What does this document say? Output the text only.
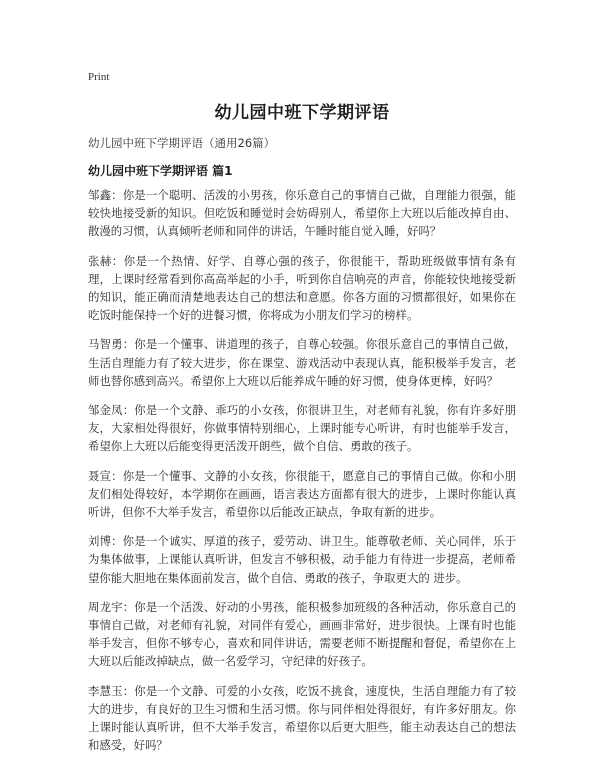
Print
幼儿园中班下学期评语
幼儿园中班下学期评语（通用26篇）
幼儿园中班下学期评语 篇1

邹鑫：你是一个聪明、活泼的小男孩，你乐意自己的事情自己做，自理能力很强，能较快地接受新的知识。但吃饭和睡觉时会妨碍别人，希望你上大班以后能改掉自由、散漫的习惯，认真倾听老师和同伴的讲话，午睡时能自觉入睡，好吗？

张赫：你是一个热情、好学、自尊心强的孩子，你很能干，帮助班级做事情有条有理，上课时经常看到你高高举起的小手，听到你自信响亮的声音，你能较快地接受新的知识，能正确而清楚地表达自己的想法和意愿。你各方面的习惯都很好，如果你在吃饭时能保持一个好的进餐习惯，你将成为小朋友们学习的榜样。

马智勇：你是一个懂事、讲道理的孩子，自尊心较强。你很乐意自己的事情自己做，生活自理能力有了较大进步，你在课堂、游戏活动中表现认真，能积极举手发言，老师也替你感到高兴。希望你上大班以后能养成午睡的好习惯，使身体更棒，好吗？

邹金凤：你是一个文静、乖巧的小女孩，你很讲卫生，对老师有礼貌，你有许多好朋友，大家相处得很好，你做事情特别细心，上课时能专心听讲，有时也能举手发言，希望你上大班以后能变得更活泼开朗些，做个自信、勇敢的孩子。

聂宣：你是一个懂事、文静的小女孩，你很能干，愿意自己的事情自己做。你和小朋友们相处得较好，本学期你在画画，语言表达方面都有很大的进步，上课时你能认真听讲，但你不大举手发言，希望你以后能改正缺点，争取有新的进步。

刘博：你是一个诚实、厚道的孩子，爱劳动、讲卫生。能尊敬老师、关心同伴，乐于为集体做事，上课能认真听讲，但发言不够积极，动手能力有待进一步提高，老师希望你能大胆地在集体面前发言，做个自信、勇敢的孩子，争取更大的 进步。

周龙宇：你是一个活泼、好动的小男孩，能积极参加班级的各种活动，你乐意自己的事情自己做，对老师有礼貌，对同伴有爱心，画画非常好，进步很快。上课有时也能举手发言，但你不够专心，喜欢和同伴讲话，需要老师不断提醒和督促，希望你在上大班以后能改掉缺点，做一名爱学习，守纪律的好孩子。

李慧玉：你是一个文静、可爱的小女孩，吃饭不挑食，速度快，生活自理能力有了较大的进步，有良好的卫生习惯和生活习惯。你与同伴相处得很好，有许多好朋友。你上课时能认真听讲，但不大举手发言，希望你以后更大胆些，能主动表达自己的想法和感受，好吗？
